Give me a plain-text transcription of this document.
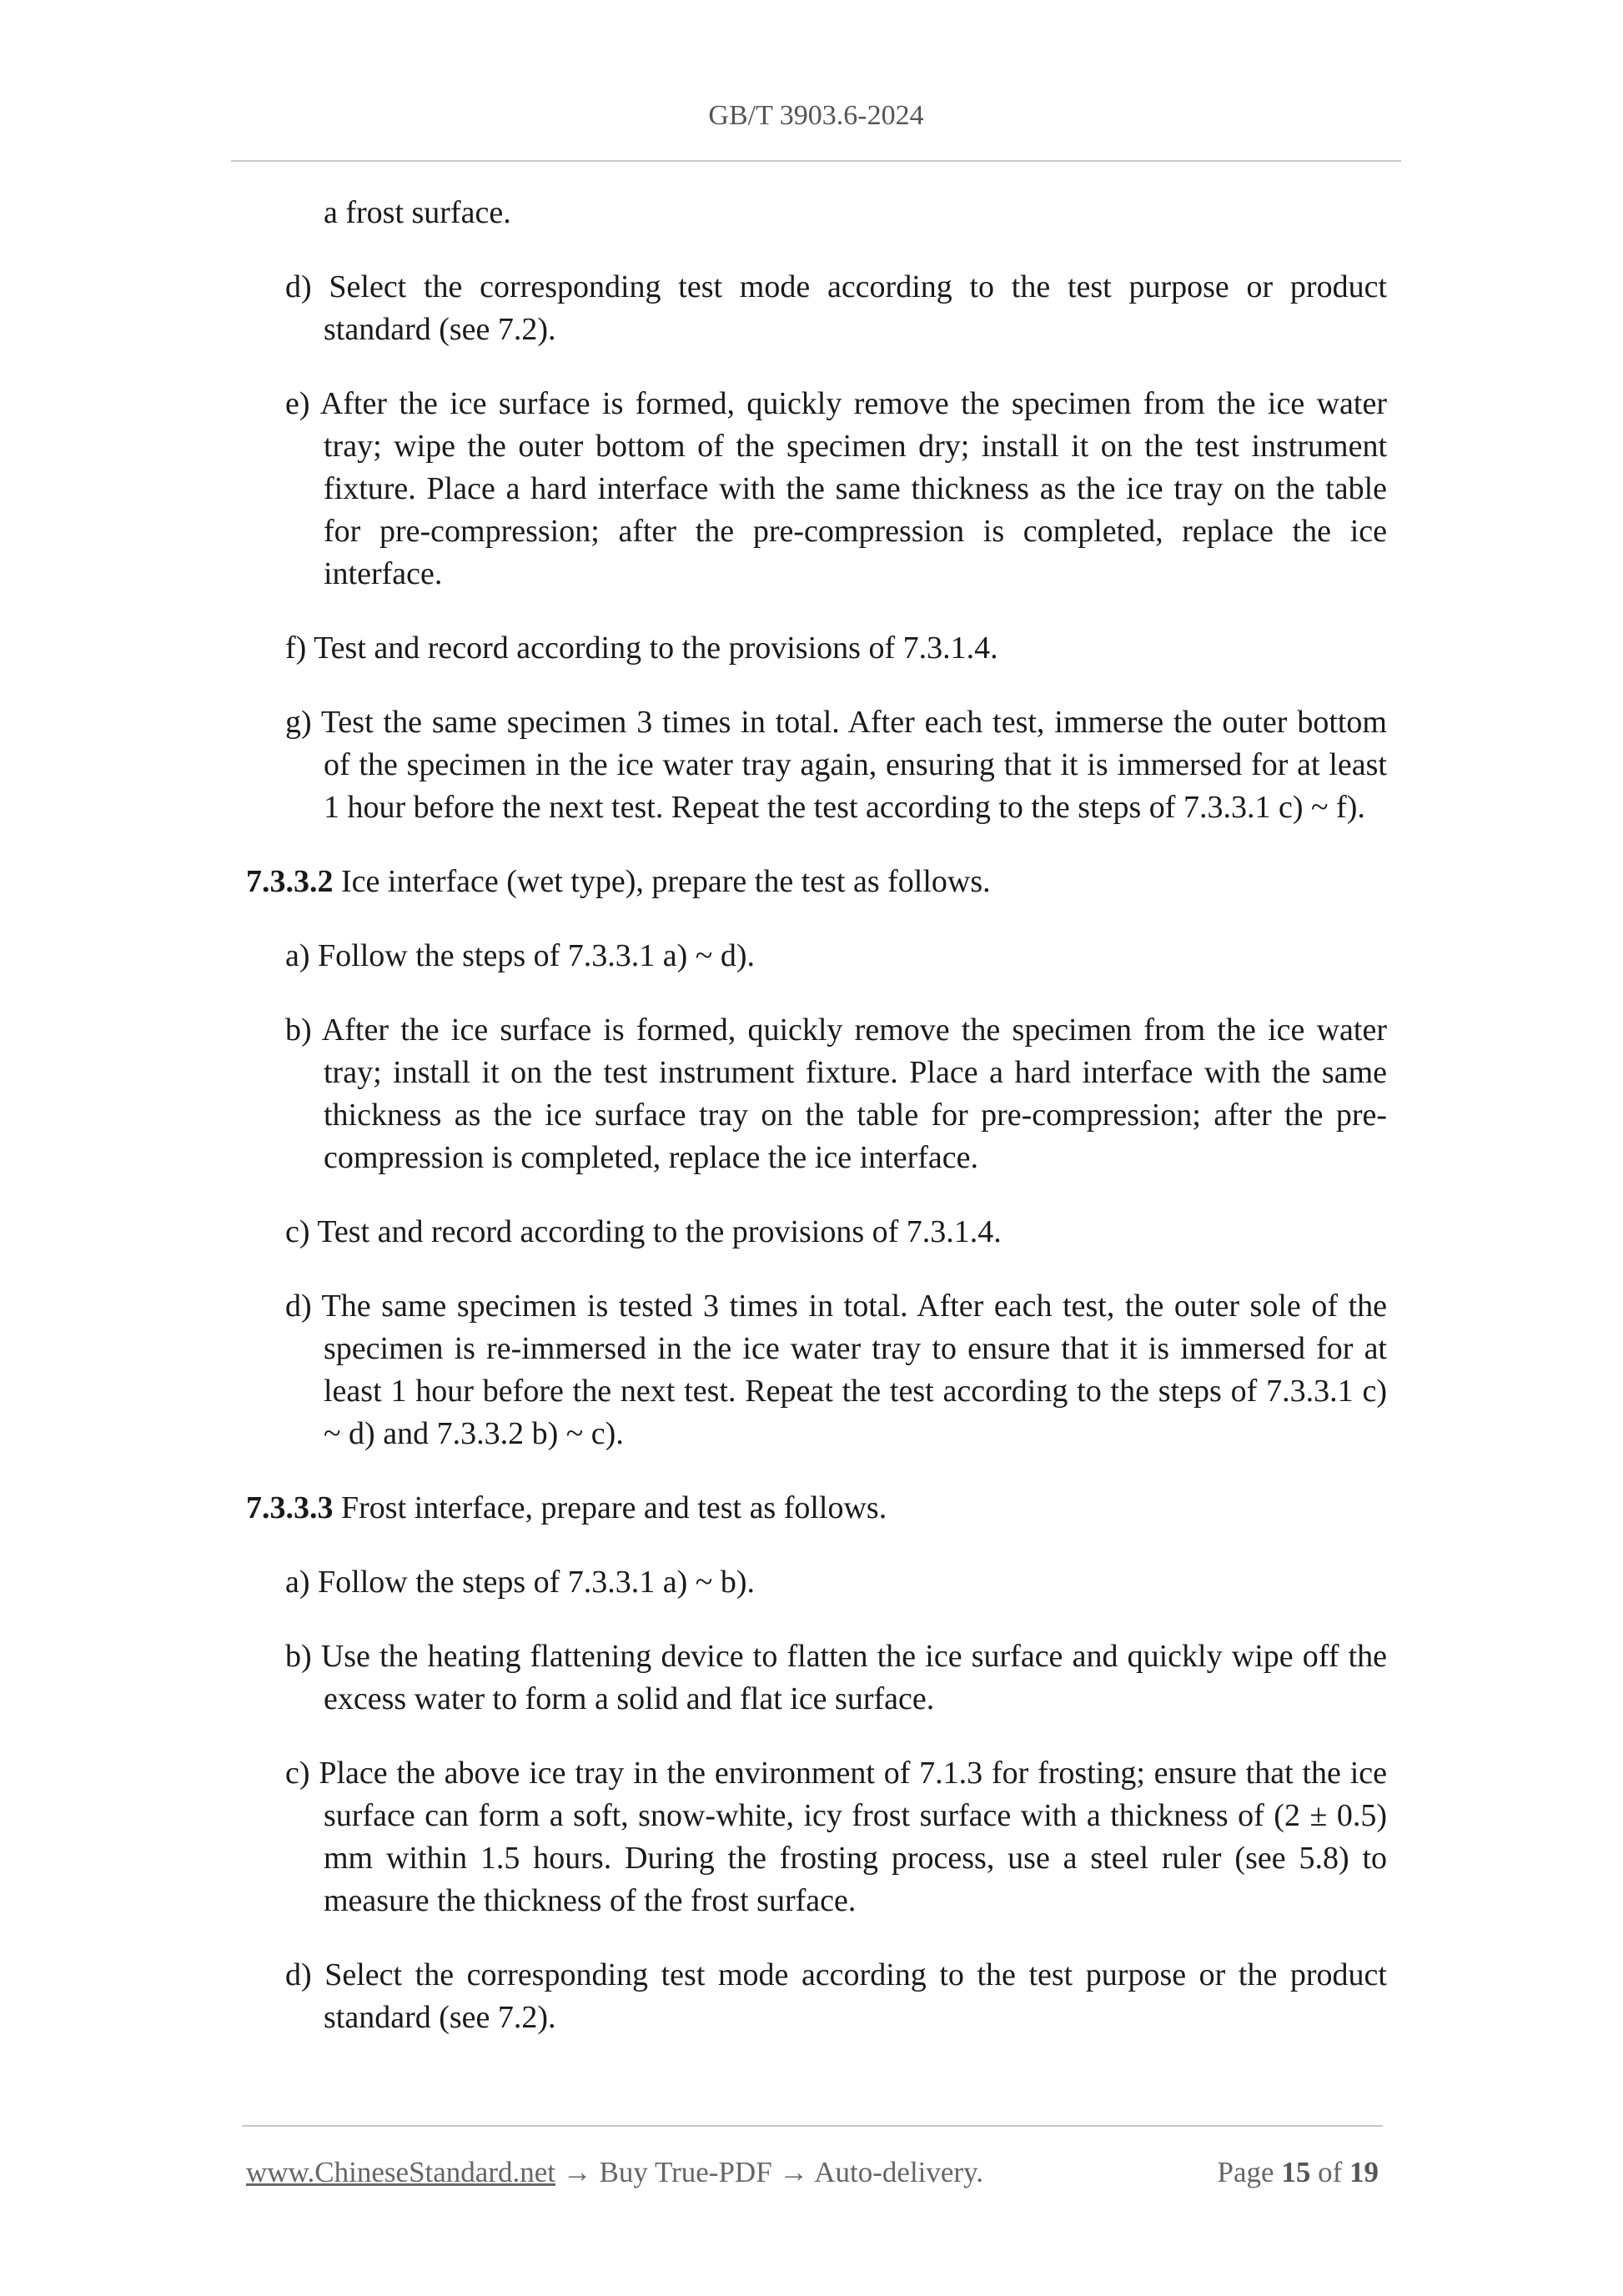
GB/T 3903.6-2024

a frost surface.

d) Select the corresponding test mode according to the test purpose or product standard (see 7.2).

e) After the ice surface is formed, quickly remove the specimen from the ice water tray; wipe the outer bottom of the specimen dry; install it on the test instrument fixture. Place a hard interface with the same thickness as the ice tray on the table for pre-compression; after the pre-compression is completed, replace the ice interface.

f) Test and record according to the provisions of 7.3.1.4.

g) Test the same specimen 3 times in total. After each test, immerse the outer bottom of the specimen in the ice water tray again, ensuring that it is immersed for at least 1 hour before the next test. Repeat the test according to the steps of 7.3.3.1 c) ~ f).

7.3.3.2 Ice interface (wet type), prepare the test as follows.

a) Follow the steps of 7.3.3.1 a) ~ d).

b) After the ice surface is formed, quickly remove the specimen from the ice water tray; install it on the test instrument fixture. Place a hard interface with the same thickness as the ice surface tray on the table for pre-compression; after the pre-compression is completed, replace the ice interface.

c) Test and record according to the provisions of 7.3.1.4.

d) The same specimen is tested 3 times in total. After each test, the outer sole of the specimen is re-immersed in the ice water tray to ensure that it is immersed for at least 1 hour before the next test. Repeat the test according to the steps of 7.3.3.1 c) ~ d) and 7.3.3.2 b) ~ c).

7.3.3.3 Frost interface, prepare and test as follows.

a) Follow the steps of 7.3.3.1 a) ~ b).

b) Use the heating flattening device to flatten the ice surface and quickly wipe off the excess water to form a solid and flat ice surface.

c) Place the above ice tray in the environment of 7.1.3 for frosting; ensure that the ice surface can form a soft, snow-white, icy frost surface with a thickness of (2 ± 0.5) mm within 1.5 hours. During the frosting process, use a steel ruler (see 5.8) to measure the thickness of the frost surface.

d) Select the corresponding test mode according to the test purpose or the product standard (see 7.2).

www.ChineseStandard.net → Buy True-PDF → Auto-delivery.	Page 15 of 19
